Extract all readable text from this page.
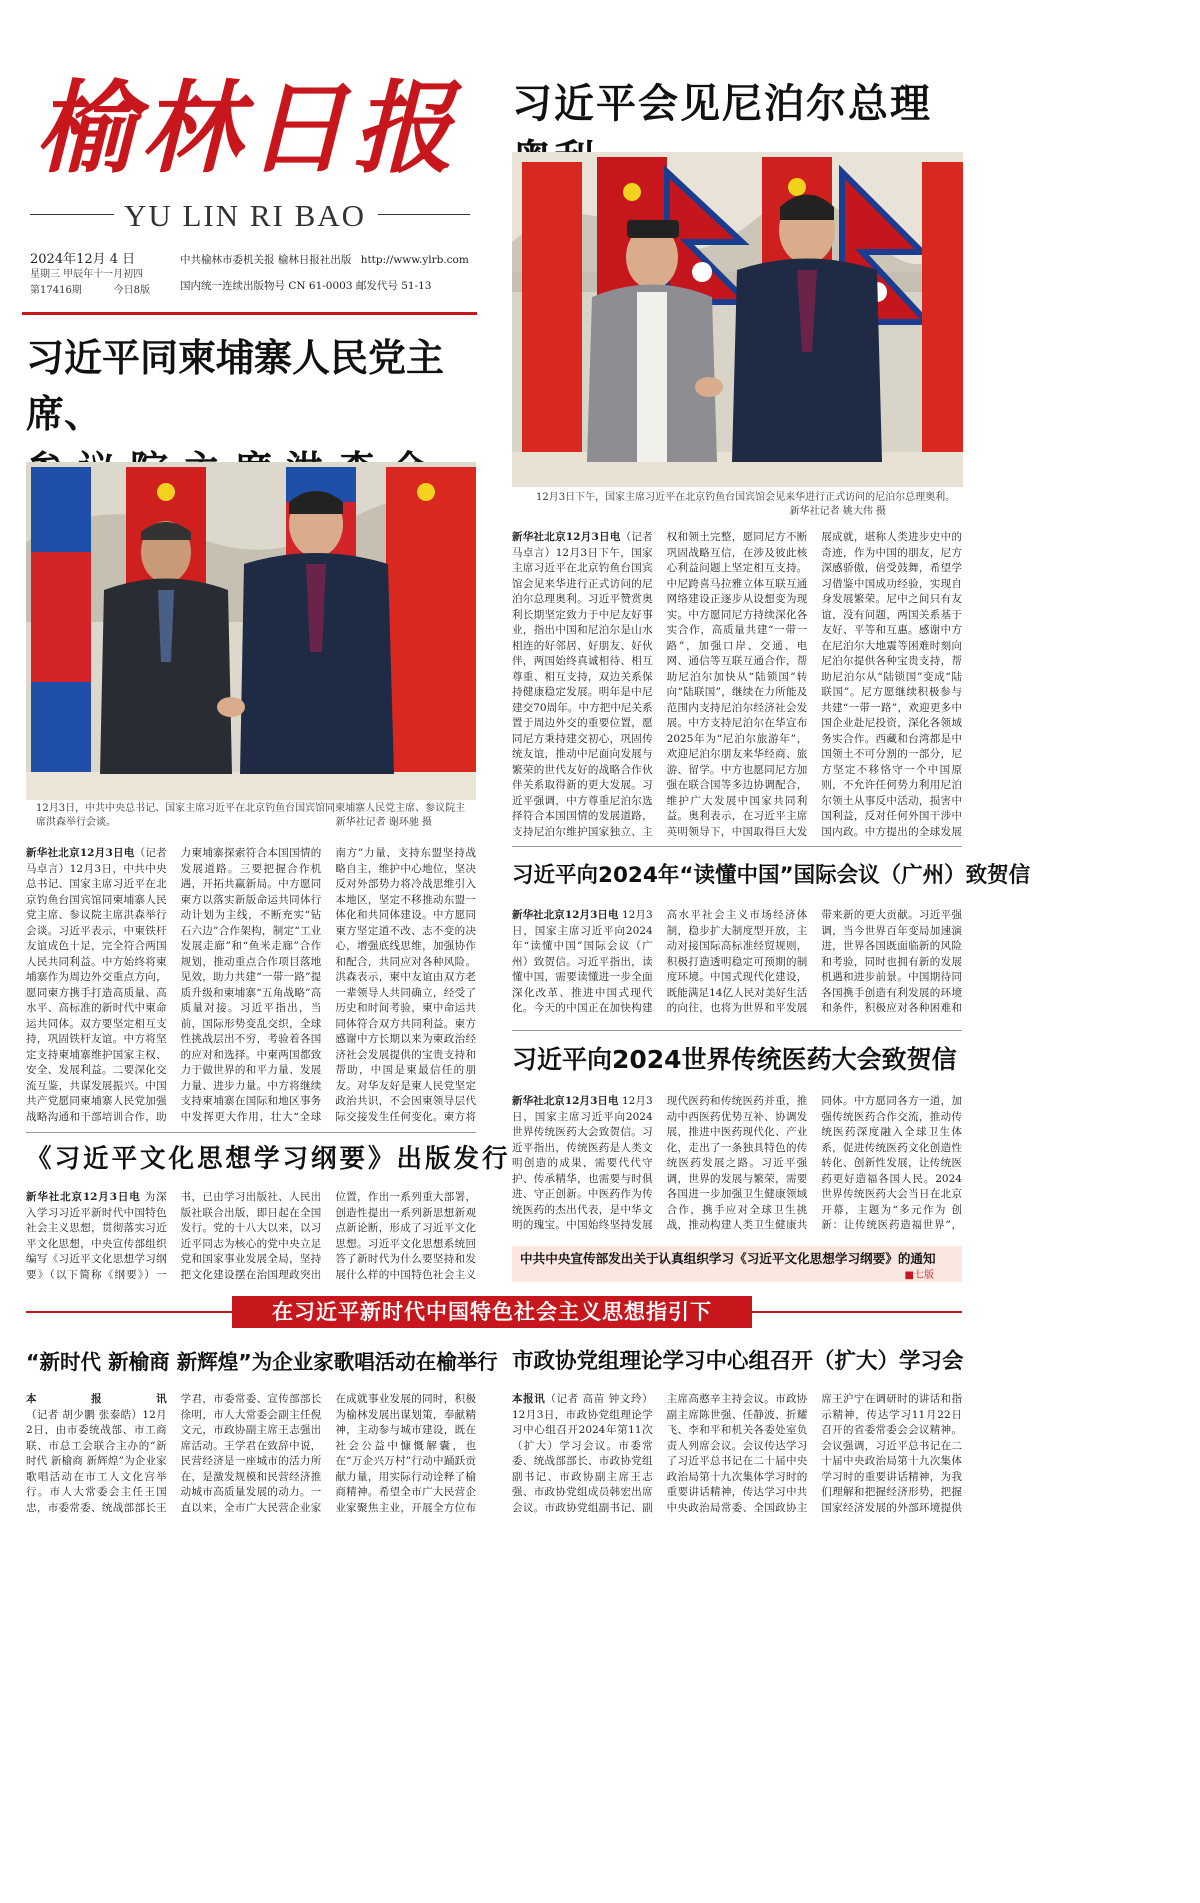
榆林日报
YU LIN RI BAO
2024年12月 4 日
星期三 甲辰年十一月初四
第17416期          今日8版
中共榆林市委机关报 榆林日报社出版 http://www.ylrb.com
国内统一连续出版物号 CN 61-0003 邮发代号 51-13
习近平会见尼泊尔总理
12月3日下午，国家主席习近平在北京钓鱼台国宾馆会见来华进行正式访问的尼泊尔总理奥利。
新华社记者 姚大伟 摄
新华社北京12月3日电（记者 马卓言）12月3日下午，国家主席习近平在北京钓鱼台国宾馆会见来华进行正式访问的尼泊尔总理奥利。习近平赞赏奥利长期坚定致力于中尼友好事业，指出中国和尼泊尔是山水相连的好邻居、好朋友、好伙伴，两国始终真诚相待、相互尊重、相互支持，双边关系保持健康稳定发展。明年是中尼建交70周年。中方把中尼关系置于周边外交的重要位置，愿同尼方秉持建交初心，巩固传统友谊，推动中尼面向发展与繁荣的世代友好的战略合作伙伴关系取得新的更大发展。习近平强调，中方尊重尼泊尔选择符合本国国情的发展道路，支持尼泊尔维护国家独立、主权和领土完整，愿同尼方不断巩固战略互信，在涉及彼此核心利益问题上坚定相互支持。中尼跨喜马拉雅立体互联互通网络建设正逐步从设想变为现实。中方愿同尼方持续深化各实合作，高质量共建“一带一路”，加强口岸、交通、电网、通信等互联互通合作，帮助尼泊尔加快从“陆锁国”转向“陆联国”，继续在力所能及范围内支持尼泊尔经济社会发展。中方支持尼泊尔在华宣布2025年为“尼泊尔旅游年”，欢迎尼泊尔朋友来华经商、旅游、留学。中方也愿同尼方加强在联合国等多边协调配合，维护广大发展中国家共同利益。奥利表示，在习近平主席英明领导下，中国取得巨大发展成就，堪称人类进步史中的奇迹，作为中国的朋友，尼方深感骄傲，倍受鼓舞，希望学习借鉴中国成功经验，实现自身发展繁荣。尼中之间只有友谊，没有问题，两国关系基于友好、平等和互惠。感谢中方在尼泊尔大地震等困难时刻向尼泊尔提供各种宝贵支持，帮助尼泊尔从“陆锁国”变成“陆联国”。尼方愿继续积极参与共建“一带一路”，欢迎更多中国企业赴尼投资，深化各领域务实合作。西藏和台湾都是中国领土不可分割的一部分，尼方坚定不移恪守一个中国原则，不允许任何势力利用尼泊尔领土从事反中活动，损害中国利益，反对任何外国干涉中国内政。中方提出的全球发展
习近平同柬埔寨人民党主席、
12月3日，中共中央总书记、国家主席习近平在北京钓鱼台国宾馆同柬埔寨人民党主席、参议院主席洪森举行会谈。	新华社记者 谢环驰 摄
新华社北京12月3日电（记者 马卓言）12月3日，中共中央总书记、国家主席习近平在北京钓鱼台国宾馆同柬埔寨人民党主席、参议院主席洪森举行会谈。习近平表示，中柬铁杆友谊成色十足，完全符合两国人民共同利益。中方始终将柬埔寨作为周边外交重点方向，愿同柬方携手打造高质量、高水平、高标准的新时代中柬命运共同体。双方要坚定相互支持，巩固铁杆友谊。中方将坚定支持柬埔寨维护国家主权、安全、发展利益。二要深化交流互鉴，共谋发展振兴。中国共产党愿同柬埔寨人民党加强战略沟通和干部培训合作，助力柬埔寨探索符合本国国情的发展道路。三要把握合作机遇，开拓共赢新局。中方愿同柬方以落实新版命运共同体行动计划为主线，不断充实“钻石六边”合作架构，制定“工业发展走廊”和“鱼米走廊”合作规划，推动重点合作项目落地见效，助力共建“一带一路”提质升级和柬埔寨“五角战略”高质量对接。习近平指出，当前，国际形势变乱交织，全球性挑战层出不穷，考验着各国的应对和选择。中柬两国都致力于做世界的和平力量、发展力量、进步力量。中方将继续支持柬埔寨在国际和地区事务中发挥更大作用，壮大“全球南方”力量，支持东盟坚持战略自主，维护中心地位，坚决反对外部势力将冷战思维引入本地区，坚定不移推动东盟一体化和共同体建设。中方愿同柬方坚定道不改、志不变的决心，增强底线思维，加强协作和配合，共同应对各种风险。洪森表示，柬中友谊由双方老一辈领导人共同确立，经受了历史和时间考验，柬中命运共同体符合双方共同利益。柬方感谢中方长期以来为柬政治经济社会发展提供的宝贵支持和帮助，中国是柬最信任的朋友。对华友好是柬人民党坚定政治共识，不会因柬领导层代际交接发生任何变化。柬方将
习近平向2024年“读懂中国”国际会议（广州）致贺信
新华社北京12月3日电 12月3日，国家主席习近平向2024年“读懂中国”国际会议（广州）致贺信。习近平指出，读懂中国，需要读懂进一步全面深化改革、推进中国式现代化。今天的中国正在加快构建高水平社会主义市场经济体制，稳步扩大制度型开放，主动对接国际高标准经贸规则，积极打造透明稳定可预期的制度环境。中国式现代化建设，既能满足14亿人民对美好生活的向往，也将为世界和平发展带来新的更大贡献。习近平强调，当今世界百年变局加速演进，世界各国既面临新的风险和考验，同时也拥有新的发展机遇和进步前景。中国期待同各国携手创造有利发展的环境和条件，积极应对各种困难和
习近平向2024世界传统医药大会致贺信
新华社北京12月3日电 12月3日，国家主席习近平向2024世界传统医药大会致贺信。习近平指出，传统医药是人类文明创造的成果，需要代代守护、传承精华，也需要与时俱进、守正创新。中医药作为传统医药的杰出代表，是中华文明的瑰宝。中国始终坚持发展现代医药和传统医药并重，推动中西医药优势互补、协调发展，推进中医药现代化、产业化，走出了一条独具特色的传统医药发展之路。习近平强调，世界的发展与繁荣，需要各国进一步加强卫生健康领域合作，携手应对全球卫生挑战，推动构建人类卫生健康共同体。中方愿同各方一道，加强传统医药合作交流，推动传统医药深度融入全球卫生体系，促进传统医药文化创造性转化、创新性发展，让传统医药更好造福各国人民。2024世界传统医药大会当日在北京开幕，主题为“多元作为 创新：让传统医药造福世界”，
中共中央宣传部发出关于认真组织学习《习近平文化思想学习纲要》的通知
■七版
《习近平文化思想学习纲要》出版发行
新华社北京12月3日电 为深入学习习近平新时代中国特色社会主义思想，贯彻落实习近平文化思想，中央宣传部组织编写《习近平文化思想学习纲要》（以下简称《纲要》）一书，已由学习出版社、人民出版社联合出版，即日起在全国发行。党的十八大以来，以习近平同志为核心的党中央立足党和国家事业发展全局，坚持把文化建设摆在治国理政突出位置，作出一系列重大部署，创造性提出一系列新思想新观点新论断，形成了习近平文化思想。习近平文化思想系统回答了新时代为什么要坚持和发展什么样的中国特色社会主义
在习近平新时代中国特色社会主义思想指引下
“新时代 新榆商 新辉煌”为企业家歌唱活动在榆举行
本报讯（记者 胡少鹏 张泰皓）12月2日，由市委统战部、市工商联、市总工会联合主办的“新时代 新榆商 新辉煌”为企业家歌唱活动在市工人文化宫举行。市人大常委会主任王国忠，市委常委、统战部部长王学君，市委常委、宣传部部长徐明，市人大常委会副主任倪文元，市政协副主席王志强出席活动。王学君在致辞中说，民营经济是一座城市的活力所在，是激发规模和民营经济推动城市高质量发展的动力。一直以来，全市广大民营企业家在成就事业发展的同时，积极为榆林发展出谋划策，奉献精神，主动参与城市建设，既在社会公益中慷慨解囊，也在“万企兴万村”行动中踊跃贡献力量，用实际行动诠释了榆商精神。希望全市广大民营企业家聚焦主业，开展全方位布
市政协党组理论学习中心组召开（扩大）学习会
本报讯（记者 高苗 钟文玲）12月3日，市政协党组理论学习中心组召开2024年第11次（扩大）学习会议。市委常委、统战部部长、市政协党组副书记、市政协副主席王志强、市政协党组成员韩宏出席会议。市政协党组副书记、副主席高憨辛主持会议。市政协副主席陈世强、任静波、折耀飞、李和平和机关各委处室负责人列席会议。会议传达学习了习近平总书记在二十届中央政治局第十九次集体学习时的重要讲话精神，传达学习中共中央政治局常委、全国政协主席王沪宁在调研时的讲话和指示精神，传达学习11月22日召开的省委常委会会议精神。会议强调，习近平总书记在二十届中央政治局第十九次集体学习时的重要讲话精神，为我们理解和把握经济形势，把握国家经济发展的外部环境提供
